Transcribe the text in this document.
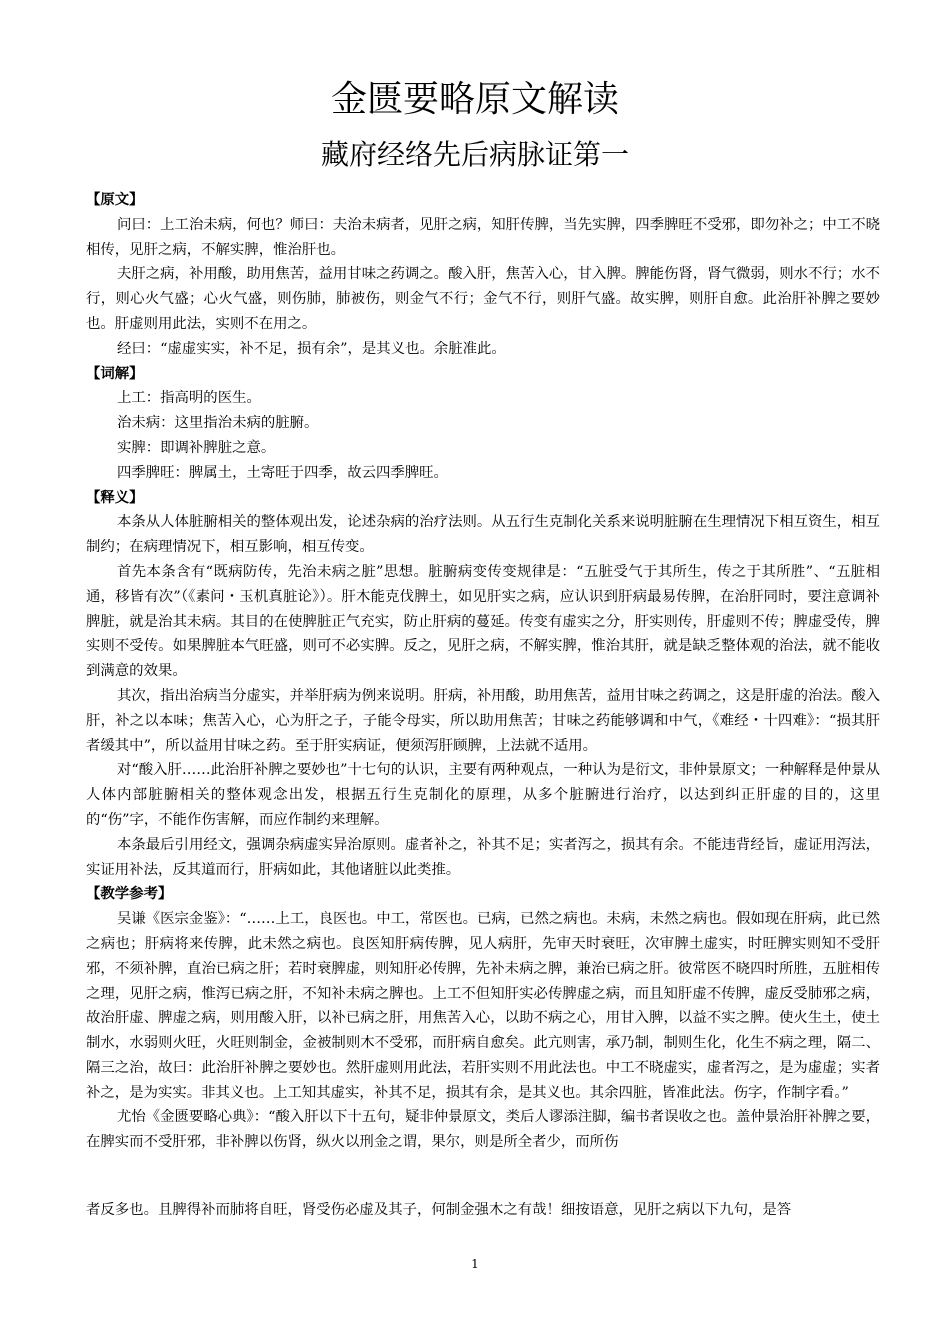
金匮要略原文解读
藏府经络先后病脉证第一
【原文】

问曰：上工治未病，何也？师曰：夫治未病者，见肝之病，知肝传脾，当先实脾，四季脾旺不受邪，即勿补之；中工不晓相传，见肝之病，不解实脾，惟治肝也。

夫肝之病，补用酸，助用焦苦，益用甘味之药调之。酸入肝，焦苦入心，甘入脾。脾能伤肾，肾气微弱，则水不行；水不行，则心火气盛；心火气盛，则伤肺，肺被伤，则金气不行；金气不行，则肝气盛。故实脾，则肝自愈。此治肝补脾之要妙也。肝虚则用此法，实则不在用之。

经曰：“虚虚实实，补不足，损有余”，是其义也。余脏准此。

【词解】

上工：指高明的医生。

治未病：这里指治未病的脏腑。

实脾：即调补脾脏之意。

四季脾旺：脾属土，土寄旺于四季，故云四季脾旺。

【释义】

本条从人体脏腑相关的整体观出发，论述杂病的治疗法则。从五行生克制化关系来说明脏腑在生理情况下相互资生，相互制约；在病理情况下，相互影响，相互传变。

首先本条含有“既病防传，先治未病之脏”思想。脏腑病变传变规律是：“五脏受气于其所生，传之于其所胜”、“五脏相通，移皆有次”（《素问・玉机真脏论》）。肝木能克伐脾土，如见肝实之病，应认识到肝病最易传脾，在治肝同时，要注意调补脾脏，就是治其未病。其目的在使脾脏正气充实，防止肝病的蔓延。传变有虚实之分，肝实则传，肝虚则不传；脾虚受传，脾实则不受传。如果脾脏本气旺盛，则可不必实脾。反之，见肝之病，不解实脾，惟治其肝，就是缺乏整体观的治法，就不能收到满意的效果。

其次，指出治病当分虚实，并举肝病为例来说明。肝病，补用酸，助用焦苦，益用甘味之药调之，这是肝虚的治法。酸入肝，补之以本味；焦苦入心，心为肝之子，子能令母实，所以助用焦苦；甘味之药能够调和中气，《难经・十四难》：“损其肝者缓其中”，所以益用甘味之药。至于肝实病证，便须泻肝顾脾，上法就不适用。

对“酸入肝……此治肝补脾之要妙也”十七句的认识，主要有两种观点，一种认为是衍文，非仲景原文；一种解释是仲景从人体内部脏腑相关的整体观念出发，根据五行生克制化的原理，从多个脏腑进行治疗，以达到纠正肝虚的目的，这里的“伤”字，不能作伤害解，而应作制约来理解。

本条最后引用经文，强调杂病虚实异治原则。虚者补之，补其不足；实者泻之，损其有余。不能违背经旨，虚证用泻法，实证用补法，反其道而行，肝病如此，其他诸脏以此类推。

【教学参考】

吴谦《医宗金鉴》：“……上工，良医也。中工，常医也。已病，已然之病也。未病，未然之病也。假如现在肝病，此已然之病也；肝病将来传脾，此未然之病也。良医知肝病传脾，见人病肝，先审天时衰旺，次审脾土虚实，时旺脾实则知不受肝邪，不须补脾，直治已病之肝；若时衰脾虚，则知肝必传脾，先补未病之脾，兼治已病之肝。彼常医不晓四时所胜，五脏相传之理，见肝之病，惟泻已病之肝，不知补未病之脾也。上工不但知肝实必传脾虚之病，而且知肝虚不传脾，虚反受肺邪之病，故治肝虚、脾虚之病，则用酸入肝，以补已病之肝，用焦苦入心，以助不病之心，用甘入脾，以益不实之脾。使火生土，使土制水，水弱则火旺，火旺则制金，金被制则木不受邪，而肝病自愈矣。此亢则害，承乃制，制则生化，化生不病之理，隔二、隔三之治，故曰：此治肝补脾之要妙也。然肝虚则用此法，若肝实则不用此法也。中工不晓虚实，虚者泻之，是为虚虚；实者补之，是为实实。非其义也。上工知其虚实，补其不足，损其有余，是其义也。其余四脏，皆准此法。伤字，作制字看。”

尤怡《金匮要略心典》：“酸入肝以下十五句，疑非仲景原文，类后人谬添注脚，编书者误收之也。盖仲景治肝补脾之要，在脾实而不受肝邪，非补脾以伤肾，纵火以刑金之谓，果尔，则是所全者少，而所伤

者反多也。且脾得补而肺将自旺，肾受伤必虚及其子，何制金强木之有哉！细按语意，见肝之病以下九句，是答

1
